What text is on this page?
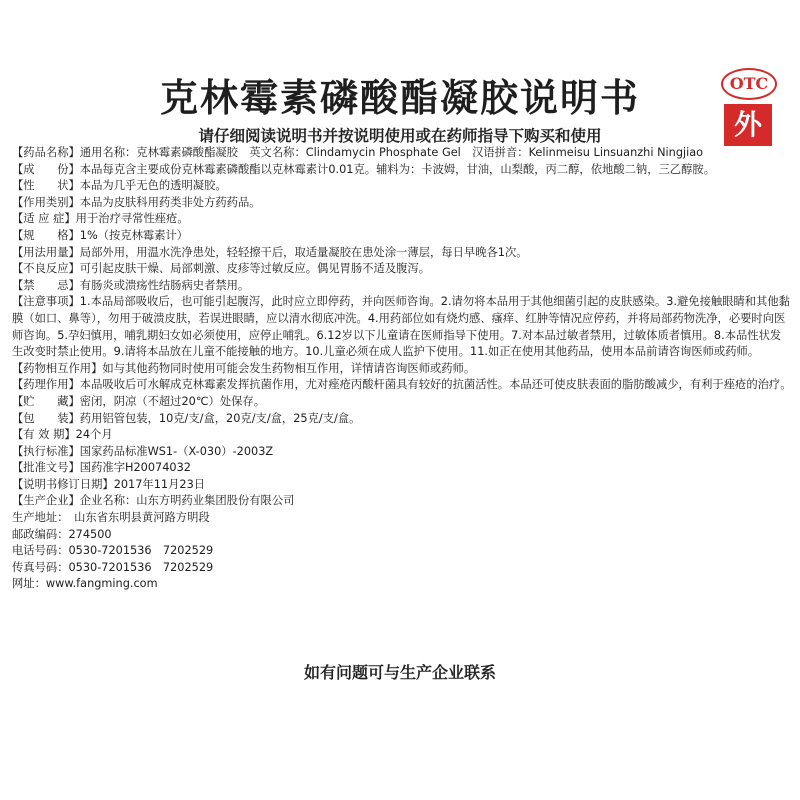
克林霉素磷酸酯凝胶说明书
请仔细阅读说明书并按说明使用或在药师指导下购买和使用
OTC
外

【药品名称】通用名称：克林霉素磷酸酯凝胶　英文名称：Clindamycin Phosphate Gel　汉语拼音：Kelinmeisu Linsuanzhi Ningjiao

【成　　份】本品每克含主要成份克林霉素磷酸酯以克林霉素计0.01克。辅料为：卡波姆，甘油，山梨酸，丙二醇，依地酸二钠，三乙醇胺。

【性　　状】本品为几乎无色的透明凝胶。

【作用类别】本品为皮肤科用药类非处方药药品。

【适 应 症】用于治疗寻常性痤疮。

【规　　格】1%（按克林霉素计）

【用法用量】局部外用，用温水洗净患处，轻轻擦干后，取适量凝胶在患处涂一薄层，每日早晚各1次。

【不良反应】可引起皮肤干燥、局部刺激、皮疹等过敏反应。偶见胃肠不适及腹泻。

【禁　　忌】有肠炎或溃疡性结肠病史者禁用。

【注意事项】1.本品局部吸收后，也可能引起腹泻，此时应立即停药，并向医师咨询。2.请勿将本品用于其他细菌引起的皮肤感染。3.避免接触眼睛和其他黏膜（如口、鼻等），勿用于破溃皮肤，若误进眼睛，应以清水彻底冲洗。4.用药部位如有烧灼感、瘙痒、红肿等情况应停药，并将局部药物洗净，必要时向医师咨询。5.孕妇慎用，哺乳期妇女如必须使用，应停止哺乳。6.12岁以下儿童请在医师指导下使用。7.对本品过敏者禁用，过敏体质者慎用。8.本品性状发生改变时禁止使用。9.请将本品放在儿童不能接触的地方。10.儿童必须在成人监护下使用。11.如正在使用其他药品，使用本品前请咨询医师或药师。

【药物相互作用】如与其他药物同时使用可能会发生药物相互作用，详情请咨询医师或药师。

【药理作用】本品吸收后可水解成克林霉素发挥抗菌作用，尤对痤疮丙酸杆菌具有较好的抗菌活性。本品还可使皮肤表面的脂肪酸减少，有利于痤疮的治疗。

【贮　　藏】密闭，阴凉（不超过20℃）处保存。

【包　　装】药用铝管包装，10克/支/盒，20克/支/盒，25克/支/盒。

【有 效 期】24个月

【执行标准】国家药品标准WS1-（X-030）-2003Z

【批准文号】国药准字H20074032

【说明书修订日期】2017年11月23日

【生产企业】企业名称：山东方明药业集团股份有限公司

生产地址：　山东省东明县黄河路方明段

邮政编码：274500

电话号码：0530-7201536　7202529

传真号码：0530-7201536　7202529

网址：www.fangming.com

如有问题可与生产企业联系
